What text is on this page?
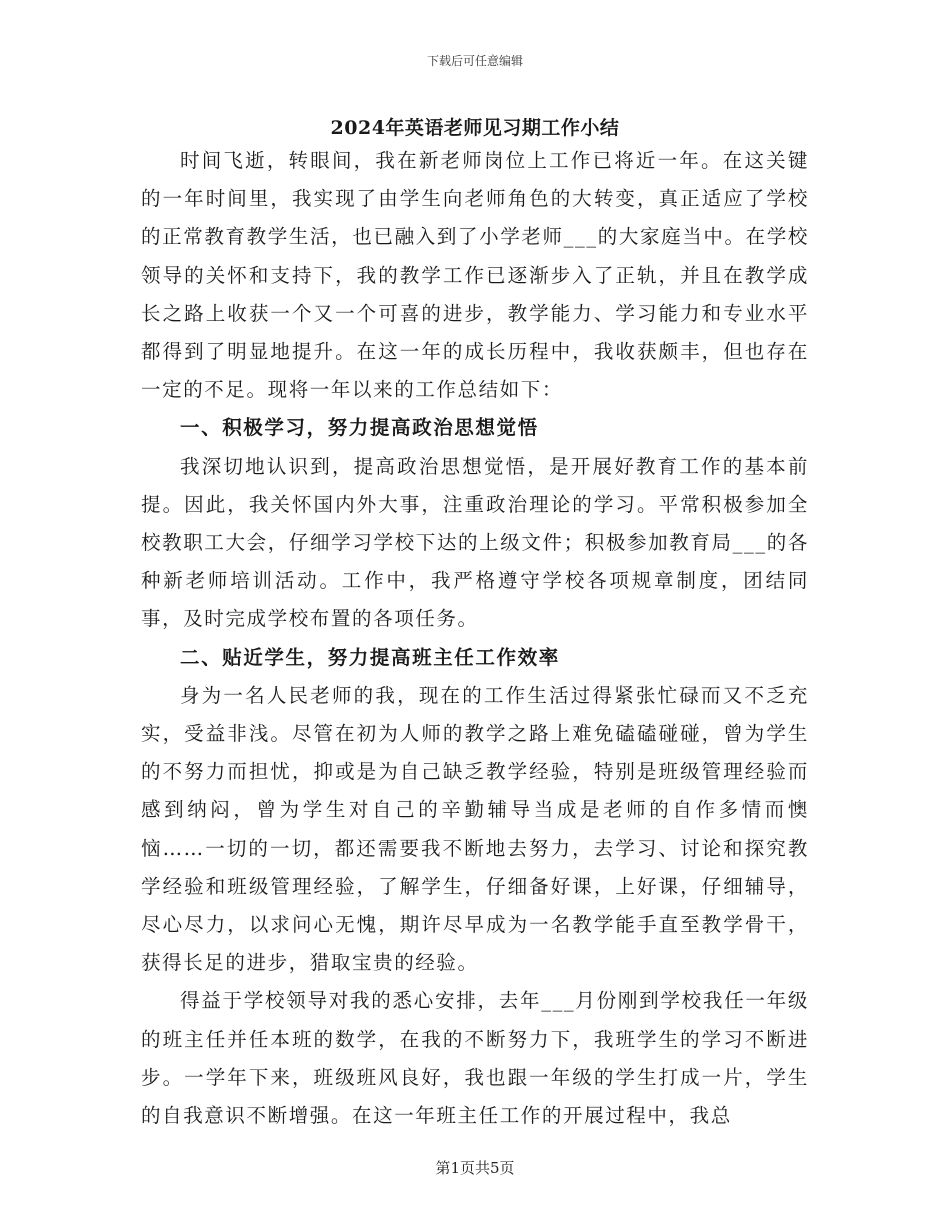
下载后可任意编辑
2024年英语老师见习期工作小结

时间飞逝，转眼间，我在新老师岗位上工作已将近一年。在这关键的一年时间里，我实现了由学生向老师角色的大转变，真正适应了学校的正常教育教学生活，也已融入到了小学老师___的大家庭当中。在学校领导的关怀和支持下，我的教学工作已逐渐步入了正轨，并且在教学成长之路上收获一个又一个可喜的进步，教学能力、学习能力和专业水平都得到了明显地提升。在这一年的成长历程中，我收获颇丰，但也存在一定的不足。现将一年以来的工作总结如下：

一、积极学习，努力提高政治思想觉悟

我深切地认识到，提高政治思想觉悟，是开展好教育工作的基本前提。因此，我关怀国内外大事，注重政治理论的学习。平常积极参加全校教职工大会，仔细学习学校下达的上级文件；积极参加教育局___的各种新老师培训活动。工作中，我严格遵守学校各项规章制度，团结同事，及时完成学校布置的各项任务。

二、贴近学生，努力提高班主任工作效率

身为一名人民老师的我，现在的工作生活过得紧张忙碌而又不乏充实，受益非浅。尽管在初为人师的教学之路上难免磕磕碰碰，曾为学生的不努力而担忧，抑或是为自己缺乏教学经验，特别是班级管理经验而感到纳闷，曾为学生对自己的辛勤辅导当成是老师的自作多情而懊恼……一切的一切，都还需要我不断地去努力，去学习、讨论和探究教学经验和班级管理经验，了解学生，仔细备好课，上好课，仔细辅导，尽心尽力，以求问心无愧，期许尽早成为一名教学能手直至教学骨干，获得长足的进步，猎取宝贵的经验。

得益于学校领导对我的悉心安排，去年___月份刚到学校我任一年级的班主任并任本班的数学，在我的不断努力下，我班学生的学习不断进步。一学年下来，班级班风良好，我也跟一年级的学生打成一片，学生的自我意识不断增强。在这一年班主任工作的开展过程中，我总

第1页共5页
